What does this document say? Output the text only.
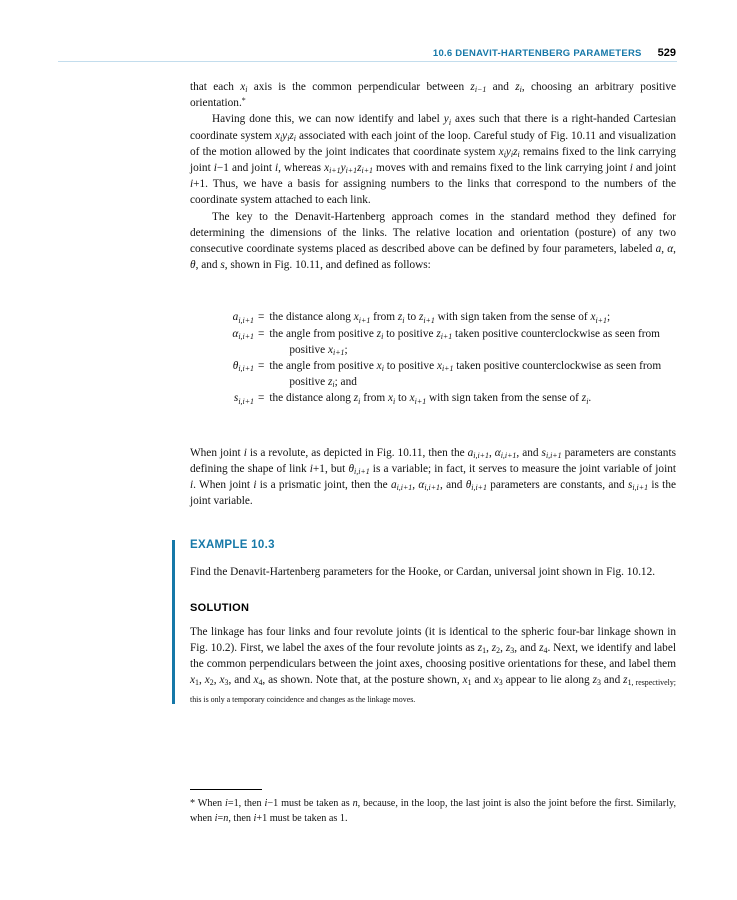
10.6 DENAVIT-HARTENBERG PARAMETERS 529

that each $x_i$ axis is the common perpendicular between $z_{i-1}$ and $z_i$, choosing an arbitrary positive orientation.*

Having done this, we can now identify and label $y_i$ axes such that there is a right-handed Cartesian coordinate system $x_iy_iz_i$ associated with each joint of the loop. Careful study of Fig. 10.11 and visualization of the motion allowed by the joint indicates that coordinate system $x_iy_iz_i$ remains fixed to the link carrying joint i−1 and joint i, whereas $x_{i+1}y_{i+1}z_{i+1}$ moves with and remains fixed to the link carrying joint i and joint i+1. Thus, we have a basis for assigning numbers to the links that correspond to the numbers of the coordinate system attached to each link.

The key to the Denavit-Hartenberg approach comes in the standard method they defined for determining the dimensions of the links. The relative location and orientation (posture) of any two consecutive coordinate systems placed as described above can be defined by four parameters, labeled a, α, θ, and s, shown in Fig. 10.11, and defined as follows:

$a_{i,i+1}$ = the distance along $x_{i+1}$ from $z_i$ to $z_{i+1}$ with sign taken from the sense of $x_{i+1}$;
$\alpha_{i,i+1}$ = the angle from positive $z_i$ to positive $z_{i+1}$ taken positive counterclockwise as seen from positive $x_{i+1}$;
$\theta_{i,i+1}$ = the angle from positive $x_i$ to positive $x_{i+1}$ taken positive counterclockwise as seen from positive $z_i$; and
$s_{i,i+1}$ = the distance along $z_i$ from $x_i$ to $x_{i+1}$ with sign taken from the sense of $z_i$.

When joint i is a revolute, as depicted in Fig. 10.11, then the $a_{i,i+1}$, $\alpha_{i,i+1}$, and $s_{i,i+1}$ parameters are constants defining the shape of link i+1, but $\theta_{i,i+1}$ is a variable; in fact, it serves to measure the joint variable of joint i. When joint i is a prismatic joint, then the $a_{i,i+1}$, $\alpha_{i,i+1}$, and $\theta_{i,i+1}$ parameters are constants, and $s_{i,i+1}$ is the joint variable.

EXAMPLE 10.3

Find the Denavit-Hartenberg parameters for the Hooke, or Cardan, universal joint shown in Fig. 10.12.

SOLUTION

The linkage has four links and four revolute joints (it is identical to the spheric four-bar linkage shown in Fig. 10.2). First, we label the axes of the four revolute joints as $z_1$, $z_2$, $z_3$, and $z_4$. Next, we identify and label the common perpendiculars between the joint axes, choosing positive orientations for these, and label them $x_1$, $x_2$, $x_3$, and $x_4$, as shown. Note that, at the posture shown, $x_1$ and $x_3$ appear to lie along $z_3$ and $z_{1, respectively; this is only a temporary coincidence and changes as the linkage moves.}$

* When i=1, then i−1 must be taken as n, because, in the loop, the last joint is also the joint before the first. Similarly, when i=n, then i+1 must be taken as 1.
